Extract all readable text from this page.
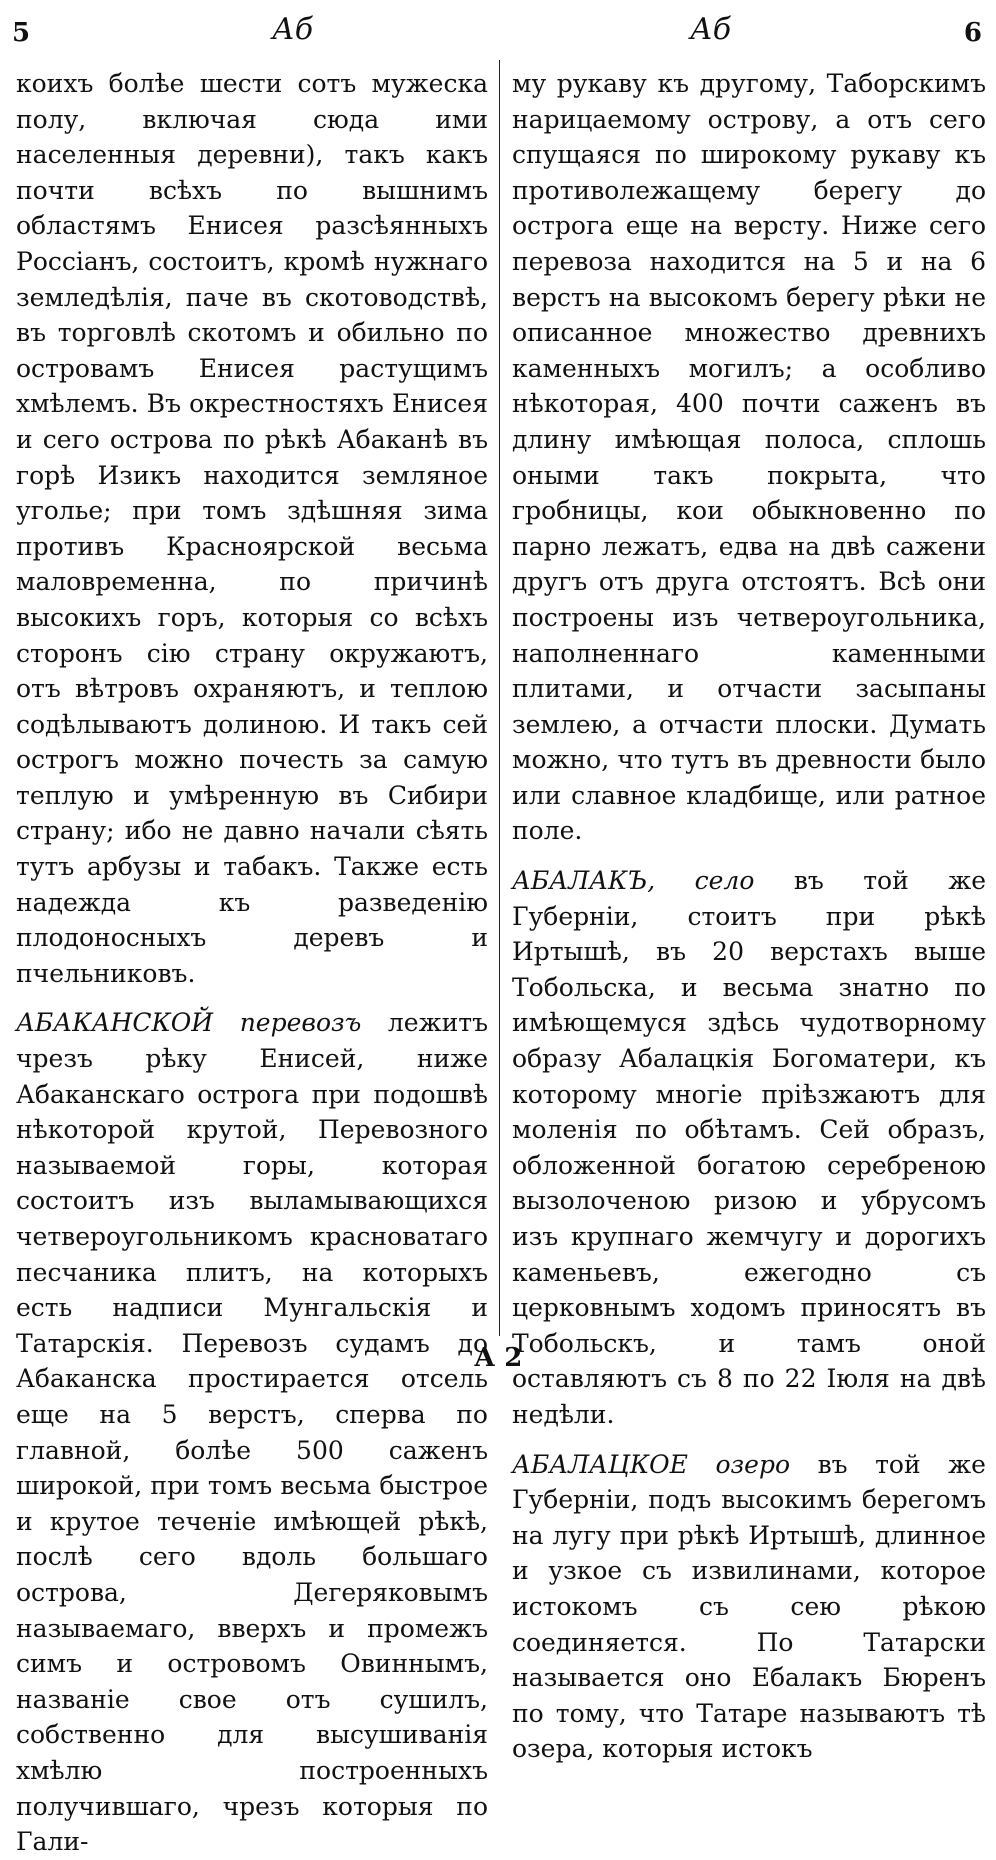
5	Аб	Аб	6

коихъ болѣе шести сотъ мужеска полу, включая сюда ими населенныя деревни), такъ какъ почти всѣхъ по вышнимъ областямъ Енисея разсѣянныхъ Россіанъ, состоитъ, кромѣ нужнаго земледѣлія, паче въ скотоводствѣ, въ торговлѣ скотомъ и обильно по островамъ Енисея растущимъ хмѣлемъ. Въ окрестностяхъ Енисея и сего острова по рѣкѣ Абаканѣ въ горѣ Изикъ находится земляное уголье; при томъ здѣшняя зима противъ Красноярской весьма маловременна, по причинѣ высокихъ горъ, которыя со всѣхъ сторонъ сію страну окружаютъ, отъ вѣтровъ охраняютъ, и теплою содѣлываютъ долиною. И такъ сей острогъ можно почесть за самую теплую и умѣренную въ Сибири страну; ибо не давно начали сѣять тутъ арбузы и табакъ. Также есть надежда къ разведенію плодоносныхъ деревъ и пчельниковъ.

АБАКАНСКОЙ перевозъ лежитъ чрезъ рѣку Енисей, ниже Абаканскаго острога при подошвѣ нѣкоторой крутой, Перевозного называемой горы, которая состоитъ изъ выламывающихся четвероугольникомъ красноватаго песчаника плитъ, на которыхъ есть надписи Мунгальскія и Татарскія. Перевозъ судамъ до Абаканска простирается отсель еще на 5 верстъ, сперва по главной, болѣе 500 саженъ широкой, при томъ весьма быстрое и крутое теченіе имѣющей рѣкѣ, послѣ сего вдоль большаго острова, Дегеряковымъ называемаго, вверхъ и промежъ симъ и островомъ Овиннымъ, названіе свое отъ сушилъ, собственно для высушиванія хмѣлю построенныхъ получившаго, чрезъ которыя по Гали-

му рукаву къ другому, Таборскимъ нарицаемому острову, а отъ сего спущаяся по широкому рукаву къ противолежащему берегу до острога еще на версту. Ниже сего перевоза находится на 5 и на 6 верстъ на высокомъ берегу рѣки не описанное множество древнихъ каменныхъ могилъ; а особливо нѣкоторая, 400 почти саженъ въ длину имѣющая полоса, сплошь оными такъ покрыта, что гробницы, кои обыкновенно по парно лежатъ, едва на двѣ сажени другъ отъ друга отстоятъ. Всѣ они построены изъ четвероугольника, наполненнаго каменными плитами, и отчасти засыпаны землею, а отчасти плоски. Думать можно, что тутъ въ древности было или славное кладбище, или ратное поле.

АБАЛАКЪ, село въ той же Губерніи, стоитъ при рѣкѣ Иртышѣ, въ 20 верстахъ выше Тобольска, и весьма знатно по имѣющемуся здѣсь чудотворному образу Абалацкія Богоматери, къ которому многіе пріѣзжаютъ для моленія по обѣтамъ. Сей образъ, обложенной богатою серебреною вызолоченою ризою и убрусомъ изъ крупнаго жемчугу и дорогихъ каменьевъ, ежегодно съ церковнымъ ходомъ приносятъ въ Тобольскъ, и тамъ оной оставляютъ съ 8 по 22 Іюля на двѣ недѣли.

АБАЛАЦКОЕ озеро въ той же Губерніи, подъ высокимъ берегомъ на лугу при рѣкѣ Иртышѣ, длинное и узкое съ извилинами, которое истокомъ съ сею рѣкою соединяется. По Татарски называется оно Ебалакъ Бюренъ по тому, что Татаре называютъ тѣ озера, которыя истокъ

А 2
